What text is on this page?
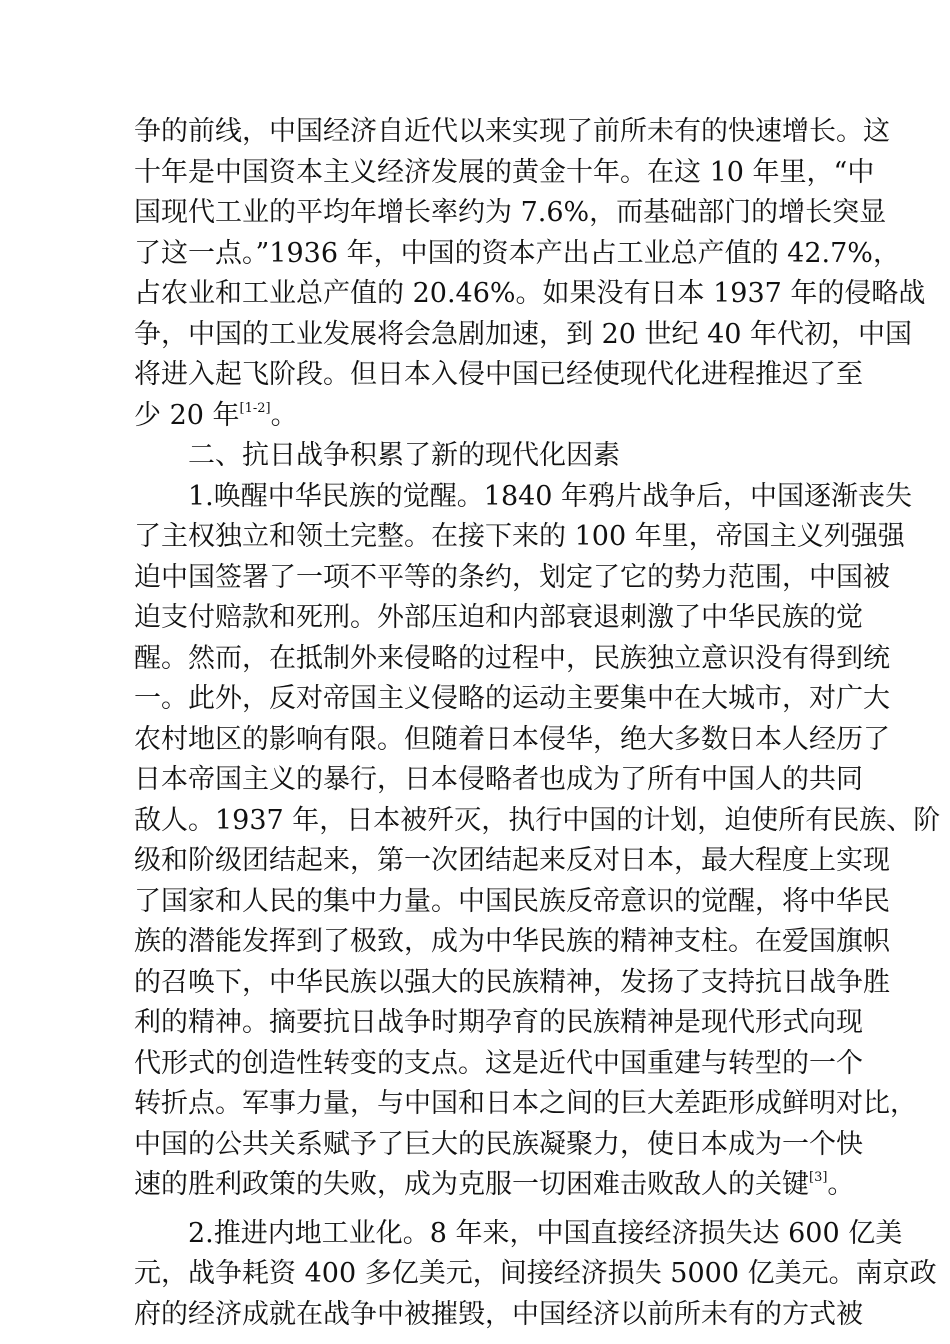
争的前线，中国经济自近代以来实现了前所未有的快速增长。这
十年是中国资本主义经济发展的黄金十年。在这 10 年里，“中
国现代工业的平均年增长率约为 7.6%，而基础部门的增长突显
了这一点。”1936 年，中国的资本产出占工业总产值的 42.7%，
占农业和工业总产值的 20.46%。如果没有日本 1937 年的侵略战
争，中国的工业发展将会急剧加速，到 20 世纪 40 年代初，中国
将进入起飞阶段。但日本入侵中国已经使现代化进程推迟了至
少 20 年[1-2]。
二、抗日战争积累了新的现代化因素
1.唤醒中华民族的觉醒。1840 年鸦片战争后，中国逐渐丧失
了主权独立和领土完整。在接下来的 100 年里，帝国主义列强强
迫中国签署了一项不平等的条约，划定了它的势力范围，中国被
迫支付赔款和死刑。外部压迫和内部衰退刺激了中华民族的觉
醒。然而，在抵制外来侵略的过程中，民族独立意识没有得到统
一。此外，反对帝国主义侵略的运动主要集中在大城市，对广大
农村地区的影响有限。但随着日本侵华，绝大多数日本人经历了
日本帝国主义的暴行，日本侵略者也成为了所有中国人的共同
敌人。1937 年，日本被歼灭，执行中国的计划，迫使所有民族、阶
级和阶级团结起来，第一次团结起来反对日本，最大程度上实现
了国家和人民的集中力量。中国民族反帝意识的觉醒，将中华民
族的潜能发挥到了极致，成为中华民族的精神支柱。在爱国旗帜
的召唤下，中华民族以强大的民族精神，发扬了支持抗日战争胜
利的精神。摘要抗日战争时期孕育的民族精神是现代形式向现
代形式的创造性转变的支点。这是近代中国重建与转型的一个
转折点。军事力量，与中国和日本之间的巨大差距形成鲜明对比，
中国的公共关系赋予了巨大的民族凝聚力，使日本成为一个快
速的胜利政策的失败，成为克服一切困难击败敌人的关键[3]。
2.推进内地工业化。8 年来，中国直接经济损失达 600 亿美
元，战争耗资 400 多亿美元，间接经济损失 5000 亿美元。南京政
府的经济成就在战争中被摧毁，中国经济以前所未有的方式被
